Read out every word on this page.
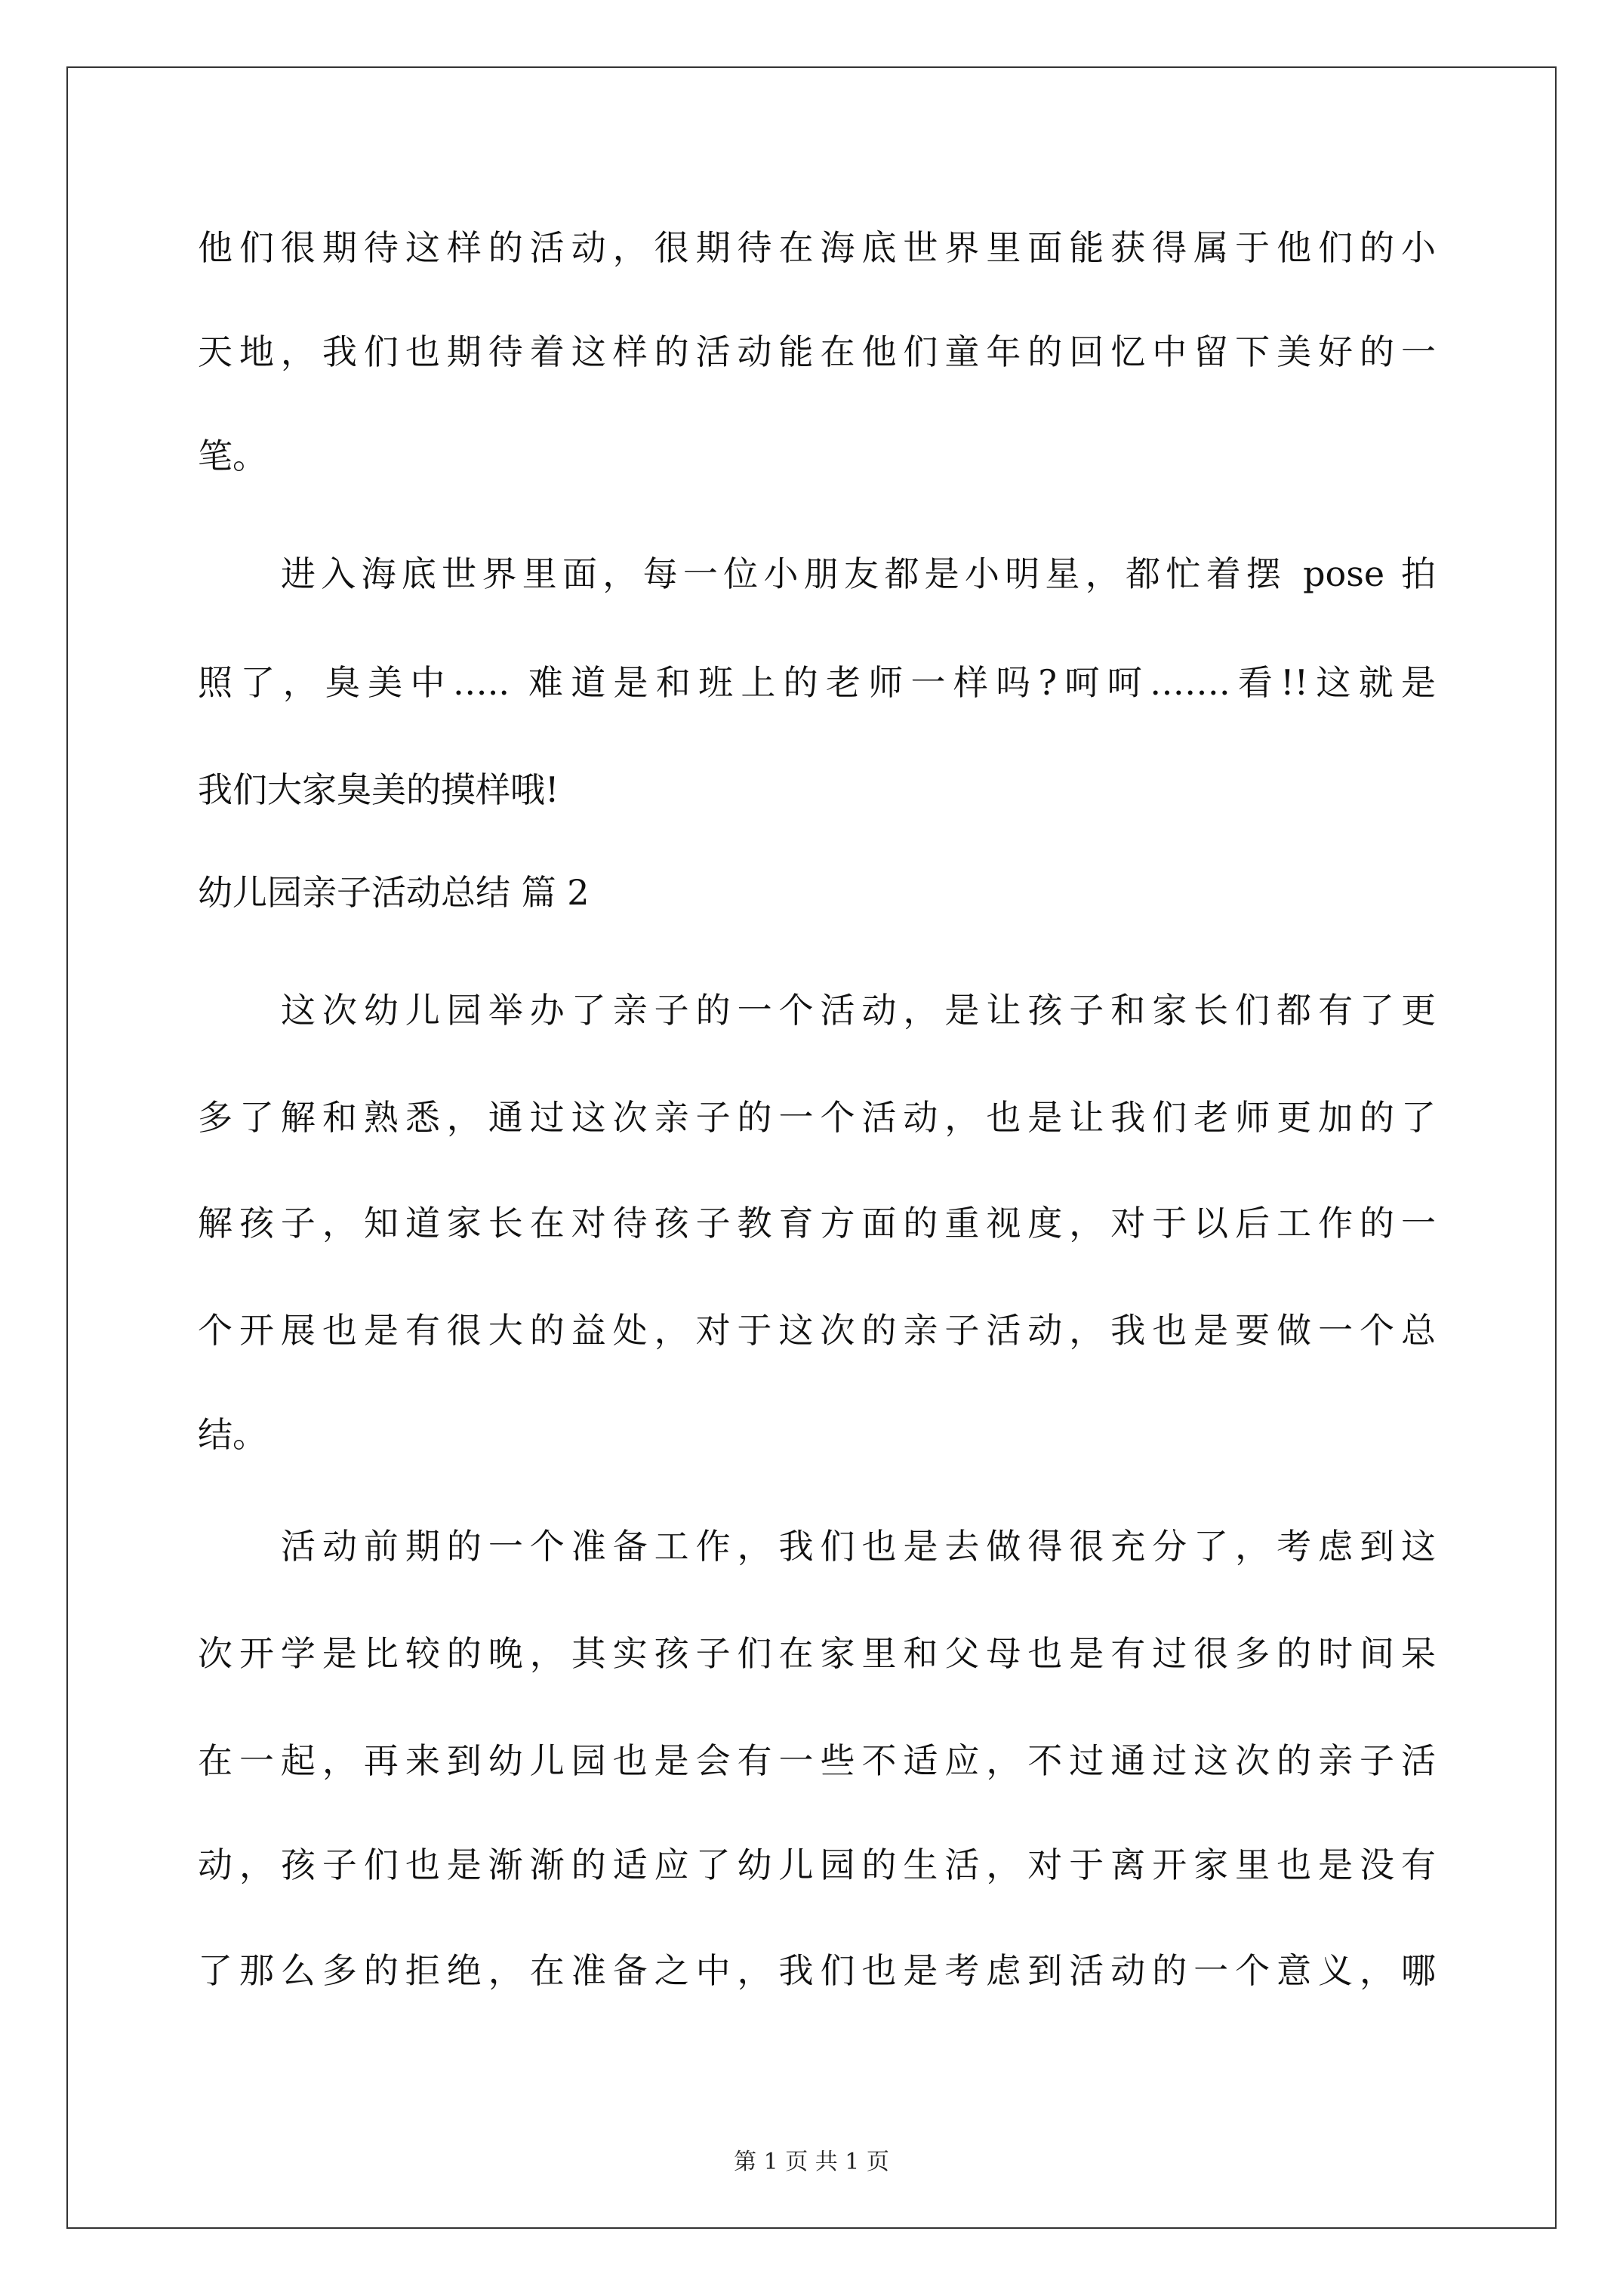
他们很期待这样的活动，很期待在海底世界里面能获得属于他们的小
天地，我们也期待着这样的活动能在他们童年的回忆中留下美好的一
笔。
进入海底世界里面，每一位小朋友都是小明星，都忙着摆 pose 拍
照了，臭美中….. 难道是和班上的老师一样吗?呵呵…….看!!这就是
我们大家臭美的摸样哦!
幼儿园亲子活动总结 篇 2
这次幼儿园举办了亲子的一个活动，是让孩子和家长们都有了更
多了解和熟悉，通过这次亲子的一个活动，也是让我们老师更加的了
解孩子，知道家长在对待孩子教育方面的重视度，对于以后工作的一
个开展也是有很大的益处，对于这次的亲子活动，我也是要做一个总
结。
活动前期的一个准备工作，我们也是去做得很充分了，考虑到这
次开学是比较的晚，其实孩子们在家里和父母也是有过很多的时间呆
在一起，再来到幼儿园也是会有一些不适应，不过通过这次的亲子活
动，孩子们也是渐渐的适应了幼儿园的生活，对于离开家里也是没有
了那么多的拒绝，在准备之中，我们也是考虑到活动的一个意义，哪
第 1 页 共 1 页
